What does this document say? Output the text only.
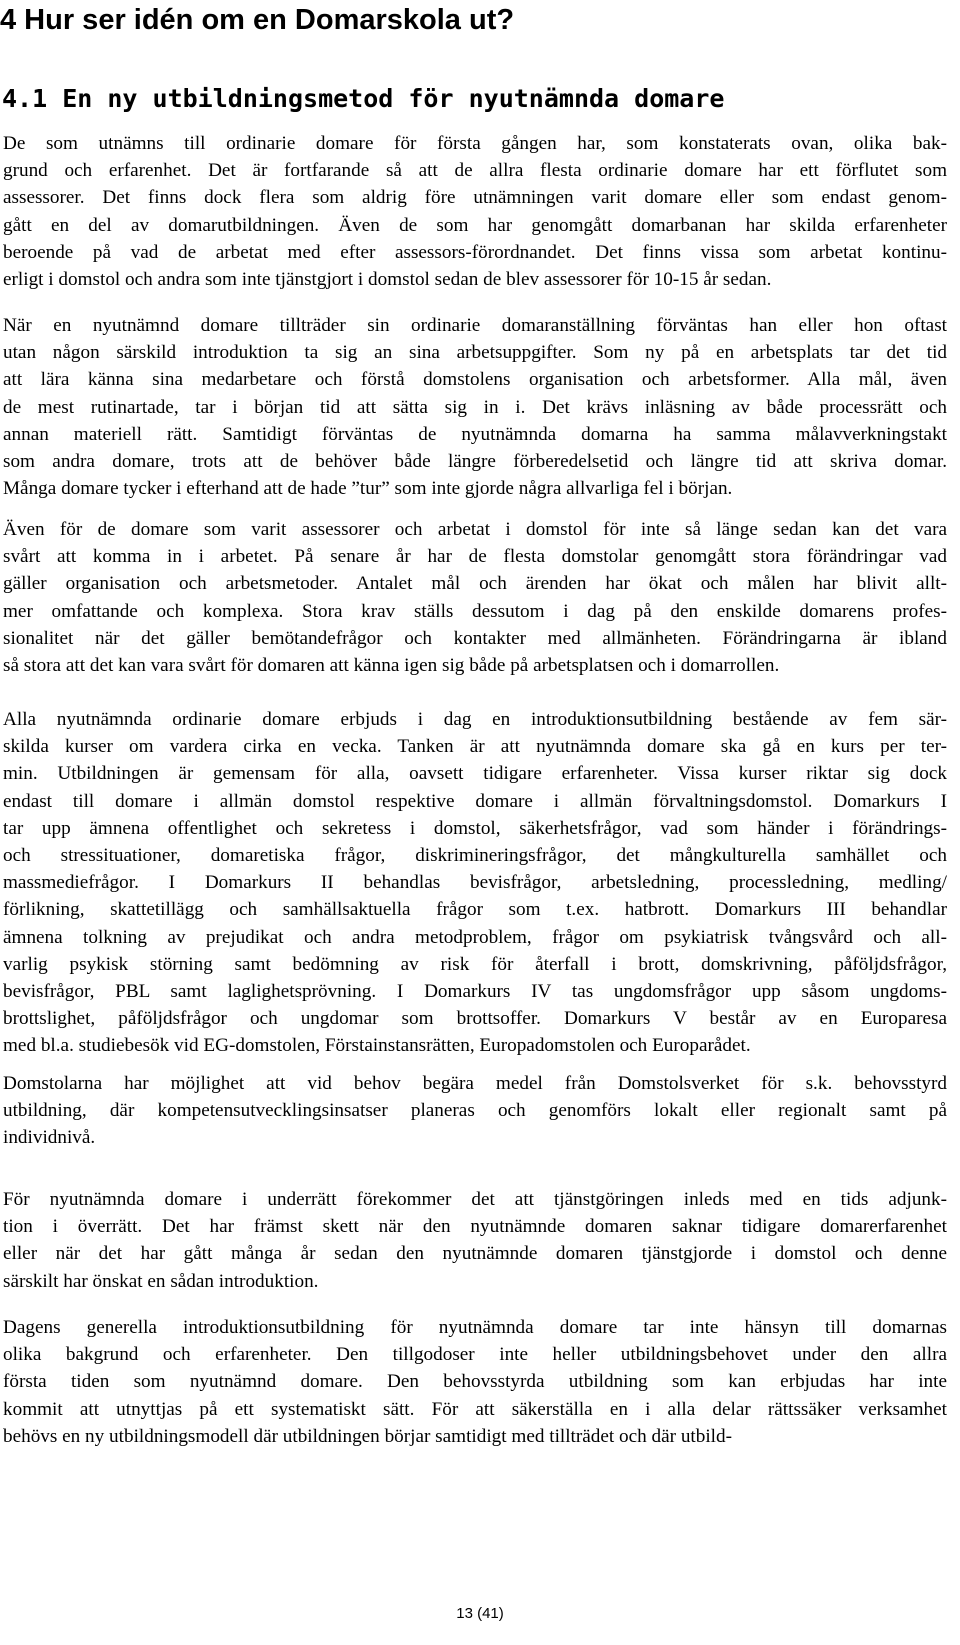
4 Hur ser idén om en Domarskola ut?
4.1 En ny utbildningsmetod för nyutnämnda domare
De som utnämns till ordinarie domare för första gången har, som konstaterats ovan, olika bak-
grund och erfarenhet. Det är fortfarande så att de allra flesta ordinarie domare har ett förflutet som
assessorer. Det finns dock flera som aldrig före utnämningen varit domare eller som endast genom-
gått en del av domarutbildningen. Även de som har genomgått domarbanan har skilda erfarenheter
beroende på vad de arbetat med efter assessors-förordnandet. Det finns vissa som arbetat kontinu-
erligt i domstol och andra som inte tjänstgjort i domstol sedan de blev assessorer för 10-15 år sedan.
När en nyutnämnd domare tillträder sin ordinarie domaranställning förväntas han eller hon oftast
utan någon särskild introduktion ta sig an sina arbetsuppgifter. Som ny på en arbetsplats tar det tid
att lära känna sina medarbetare och förstå domstolens organisation och arbetsformer. Alla mål, även
de mest rutinartade, tar i början tid att sätta sig in i. Det krävs inläsning av både processrätt och
annan materiell rätt. Samtidigt förväntas de nyutnämnda domarna ha samma målavverkningstakt
som andra domare, trots att de behöver både längre förberedelsetid och längre tid att skriva domar.
Många domare tycker i efterhand att de hade ”tur” som inte gjorde några allvarliga fel i början.
Även för de domare som varit assessorer och arbetat i domstol för inte så länge sedan kan det vara
svårt att komma in i arbetet. På senare år har de flesta domstolar genomgått stora förändringar vad
gäller organisation och arbetsmetoder. Antalet mål och ärenden har ökat och målen har blivit allt-
mer omfattande och komplexa. Stora krav ställs dessutom i dag på den enskilde domarens profes-
sionalitet när det gäller bemötandefrågor och kontakter med allmänheten. Förändringarna är ibland
så stora att det kan vara svårt för domaren att känna igen sig både på arbetsplatsen och i domarrollen.
Alla nyutnämnda ordinarie domare erbjuds i dag en introduktionsutbildning bestående av fem sär-
skilda kurser om vardera cirka en vecka. Tanken är att nyutnämnda domare ska gå en kurs per ter-
min. Utbildningen är gemensam för alla, oavsett tidigare erfarenheter. Vissa kurser riktar sig dock
endast till domare i allmän domstol respektive domare i allmän förvaltningsdomstol. Domarkurs I
tar upp ämnena offentlighet och sekretess i domstol, säkerhetsfrågor, vad som händer i förändrings-
och stressituationer, domaretiska frågor, diskrimineringsfrågor, det mångkulturella samhället och
massmediefrågor. I Domarkurs II behandlas bevisfrågor, arbetsledning, processledning, medling/
förlikning, skattetillägg och samhällsaktuella frågor som t.ex. hatbrott. Domarkurs III behandlar
ämnena tolkning av prejudikat och andra metodproblem, frågor om psykiatrisk tvångsvård och all-
varlig psykisk störning samt bedömning av risk för återfall i brott, domskrivning, påföljdsfrågor,
bevisfrågor, PBL samt laglighetsprövning. I Domarkurs IV tas ungdomsfrågor upp såsom ungdoms-
brottslighet, påföljdsfrågor och ungdomar som brottsoffer. Domarkurs V består av en Europaresa
med bl.a. studiebesök vid EG-domstolen, Förstainstansrätten, Europadomstolen och Europarådet.
Domstolarna har möjlighet att vid behov begära medel från Domstolsverket för s.k. behovsstyrd
utbildning, där kompetensutvecklingsinsatser planeras och genomförs lokalt eller regionalt samt på
individnivå.
För nyutnämnda domare i underrätt förekommer det att tjänstgöringen inleds med en tids adjunk-
tion i överrätt. Det har främst skett när den nyutnämnde domaren saknar tidigare domarerfarenhet
eller när det har gått många år sedan den nyutnämnde domaren tjänstgjorde i domstol och denne
särskilt har önskat en sådan introduktion.
Dagens generella introduktionsutbildning för nyutnämnda domare tar inte hänsyn till domarnas
olika bakgrund och erfarenheter. Den tillgodoser inte heller utbildningsbehovet under den allra
första tiden som nyutnämnd domare. Den behovsstyrda utbildning som kan erbjudas har inte
kommit att utnyttjas på ett systematiskt sätt. För att säkerställa en i alla delar rättssäker verksamhet
behövs en ny utbildningsmodell där utbildningen börjar samtidigt med tillträdet och där utbild-
13 (41)
